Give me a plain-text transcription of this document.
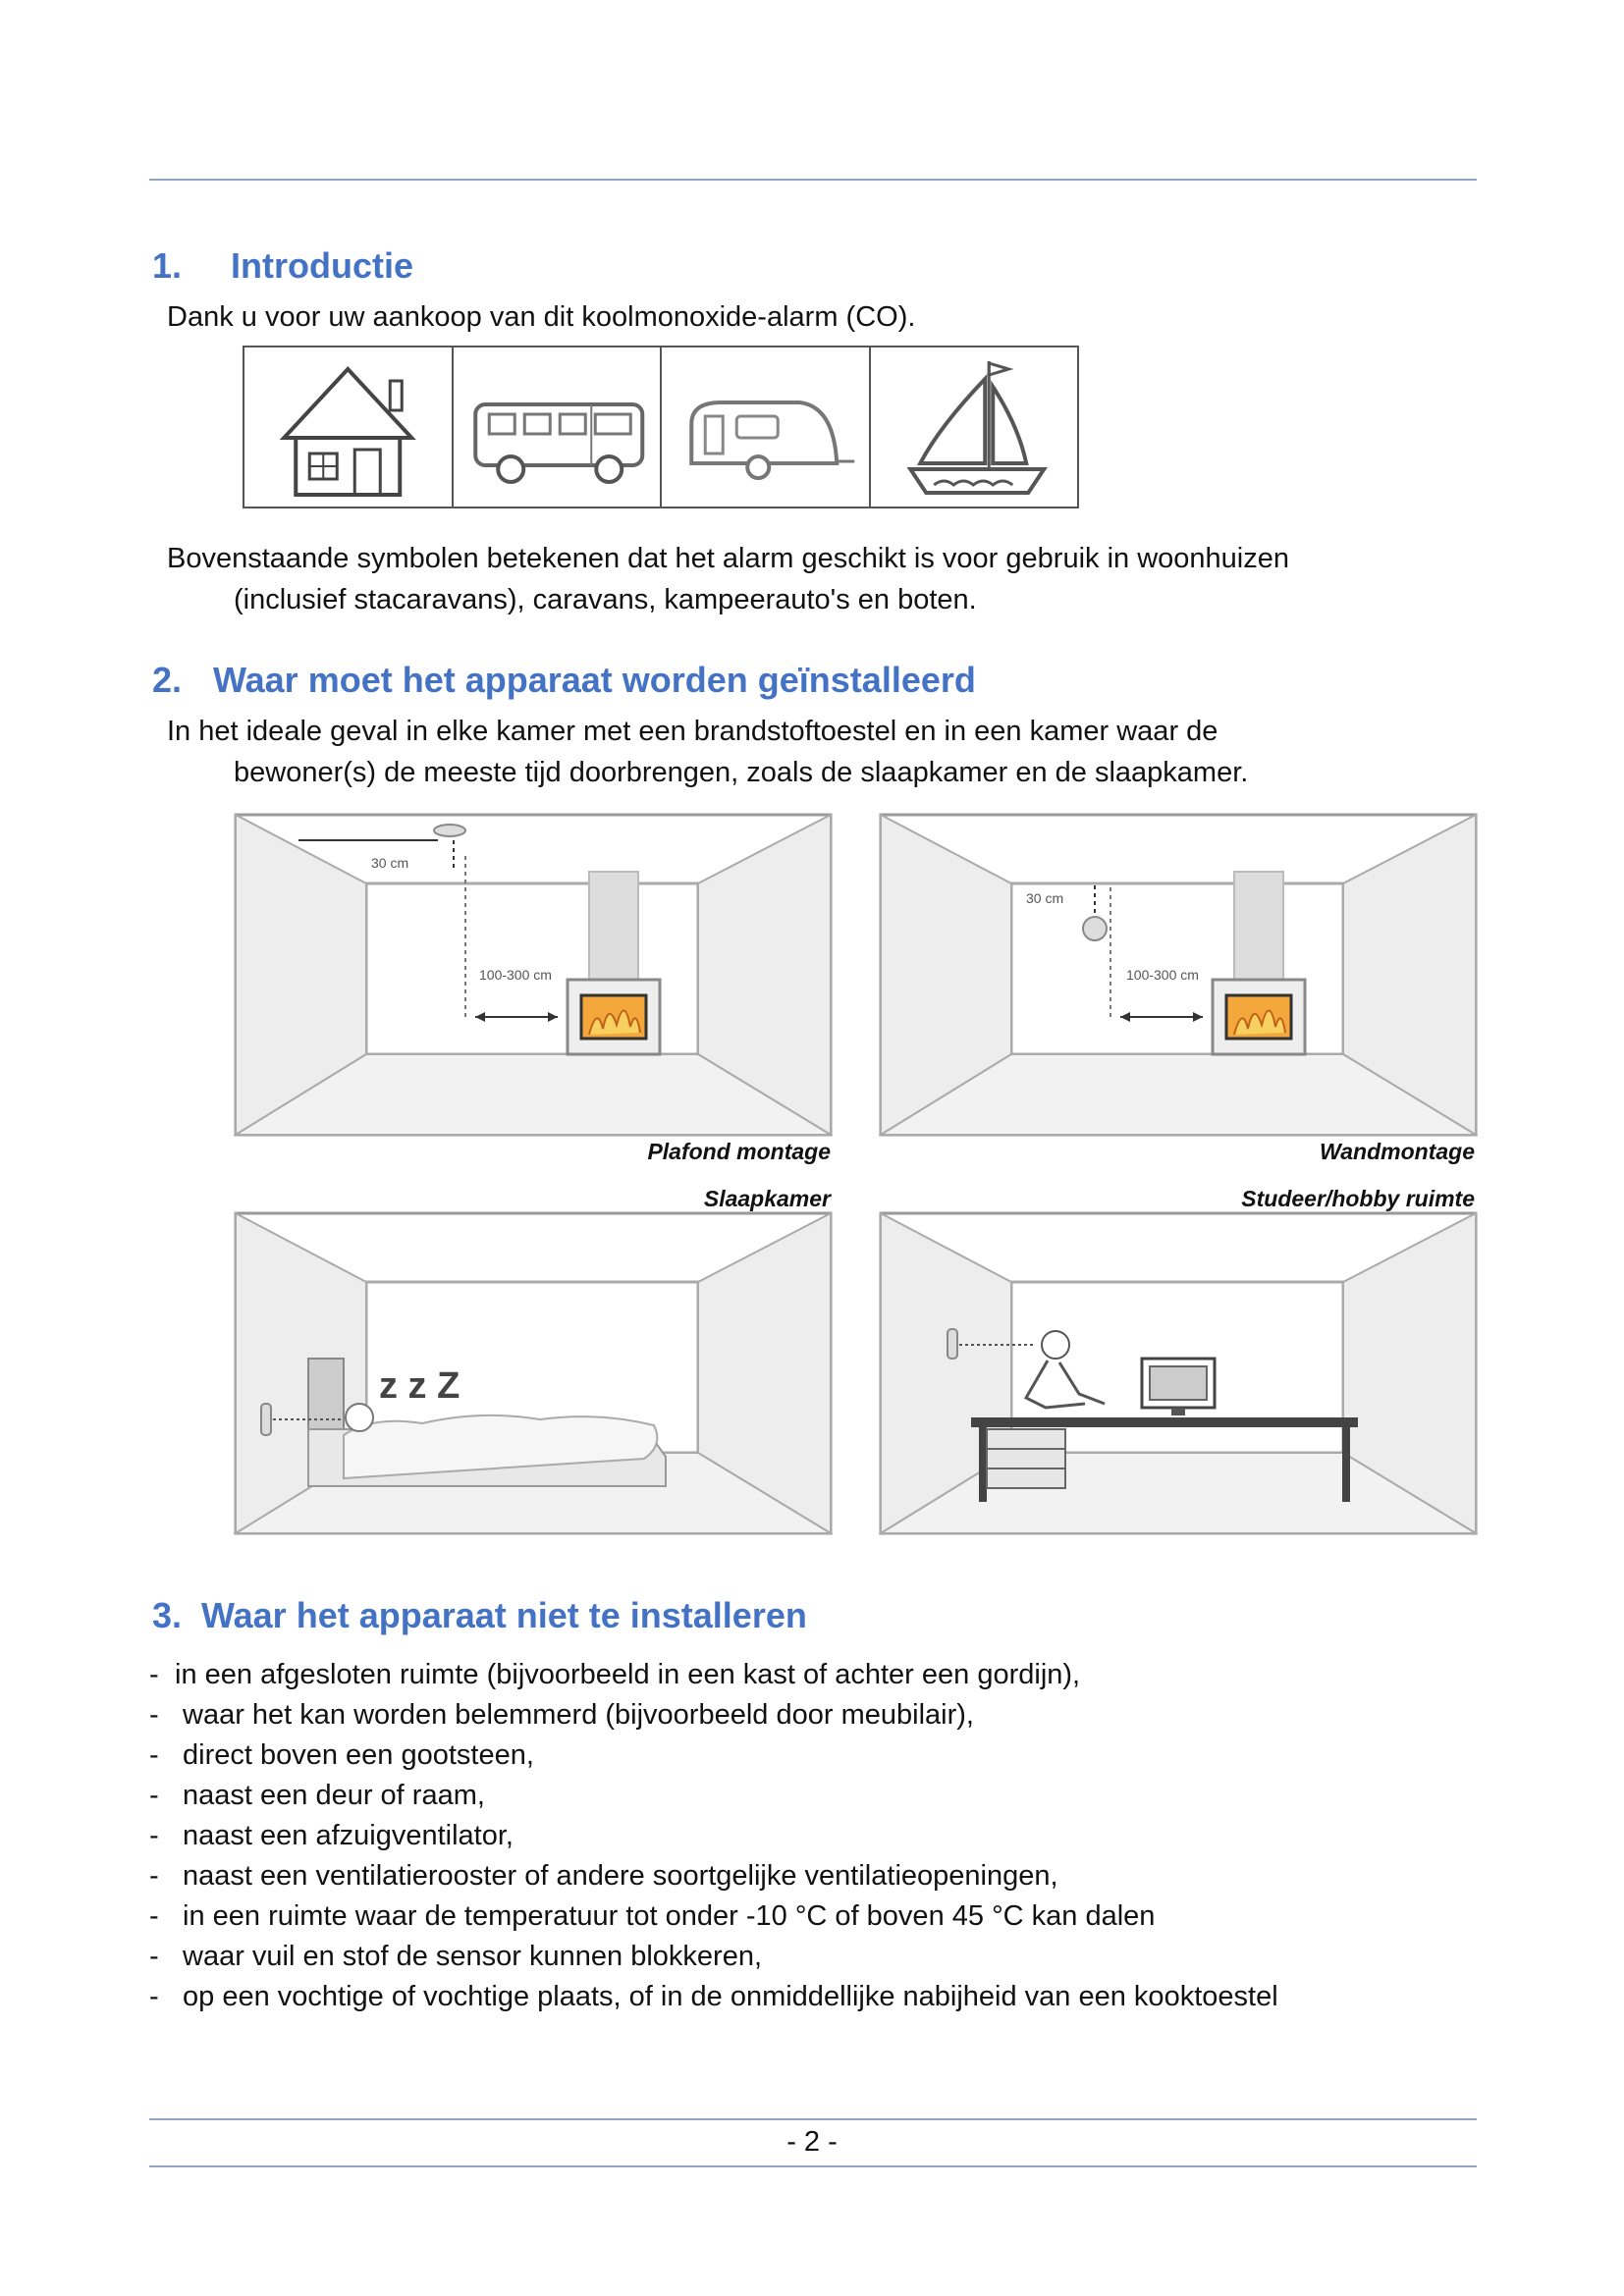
1. Introductie

Dank u voor uw aankoop van dit koolmonoxide-alarm (CO).

Bovenstaande symbolen betekenen dat het alarm geschikt is voor gebruik in woonhuizen
(inclusief stacaravans), caravans, kampeerauto's en boten.

2. Waar moet het apparaat worden geïnstalleerd

In het ideale geval in elke kamer met een brandstoftoestel en in een kamer waar de
bewoner(s) de meeste tijd doorbrengen, zoals de slaapkamer en de slaapkamer.

30 cm
100-300 cm
Plafond montage
30 cm
100-300 cm
Wandmontage
Slaapkamer	Studeer/hobby ruimte
z z Z
3. Waar het apparaat niet te installeren
- in een afgesloten ruimte (bijvoorbeeld in een kast of achter een gordijn),
- waar het kan worden belemmerd (bijvoorbeeld door meubilair),
- direct boven een gootsteen,
- naast een deur of raam,
- naast een afzuigventilator,
- naast een ventilatierooster of andere soortgelijke ventilatieopeningen,
- in een ruimte waar de temperatuur tot onder -10 °C of boven 45 °C kan dalen
- waar vuil en stof de sensor kunnen blokkeren,
- op een vochtige of vochtige plaats, of in de onmiddellijke nabijheid van een kooktoestel
- 2 -
